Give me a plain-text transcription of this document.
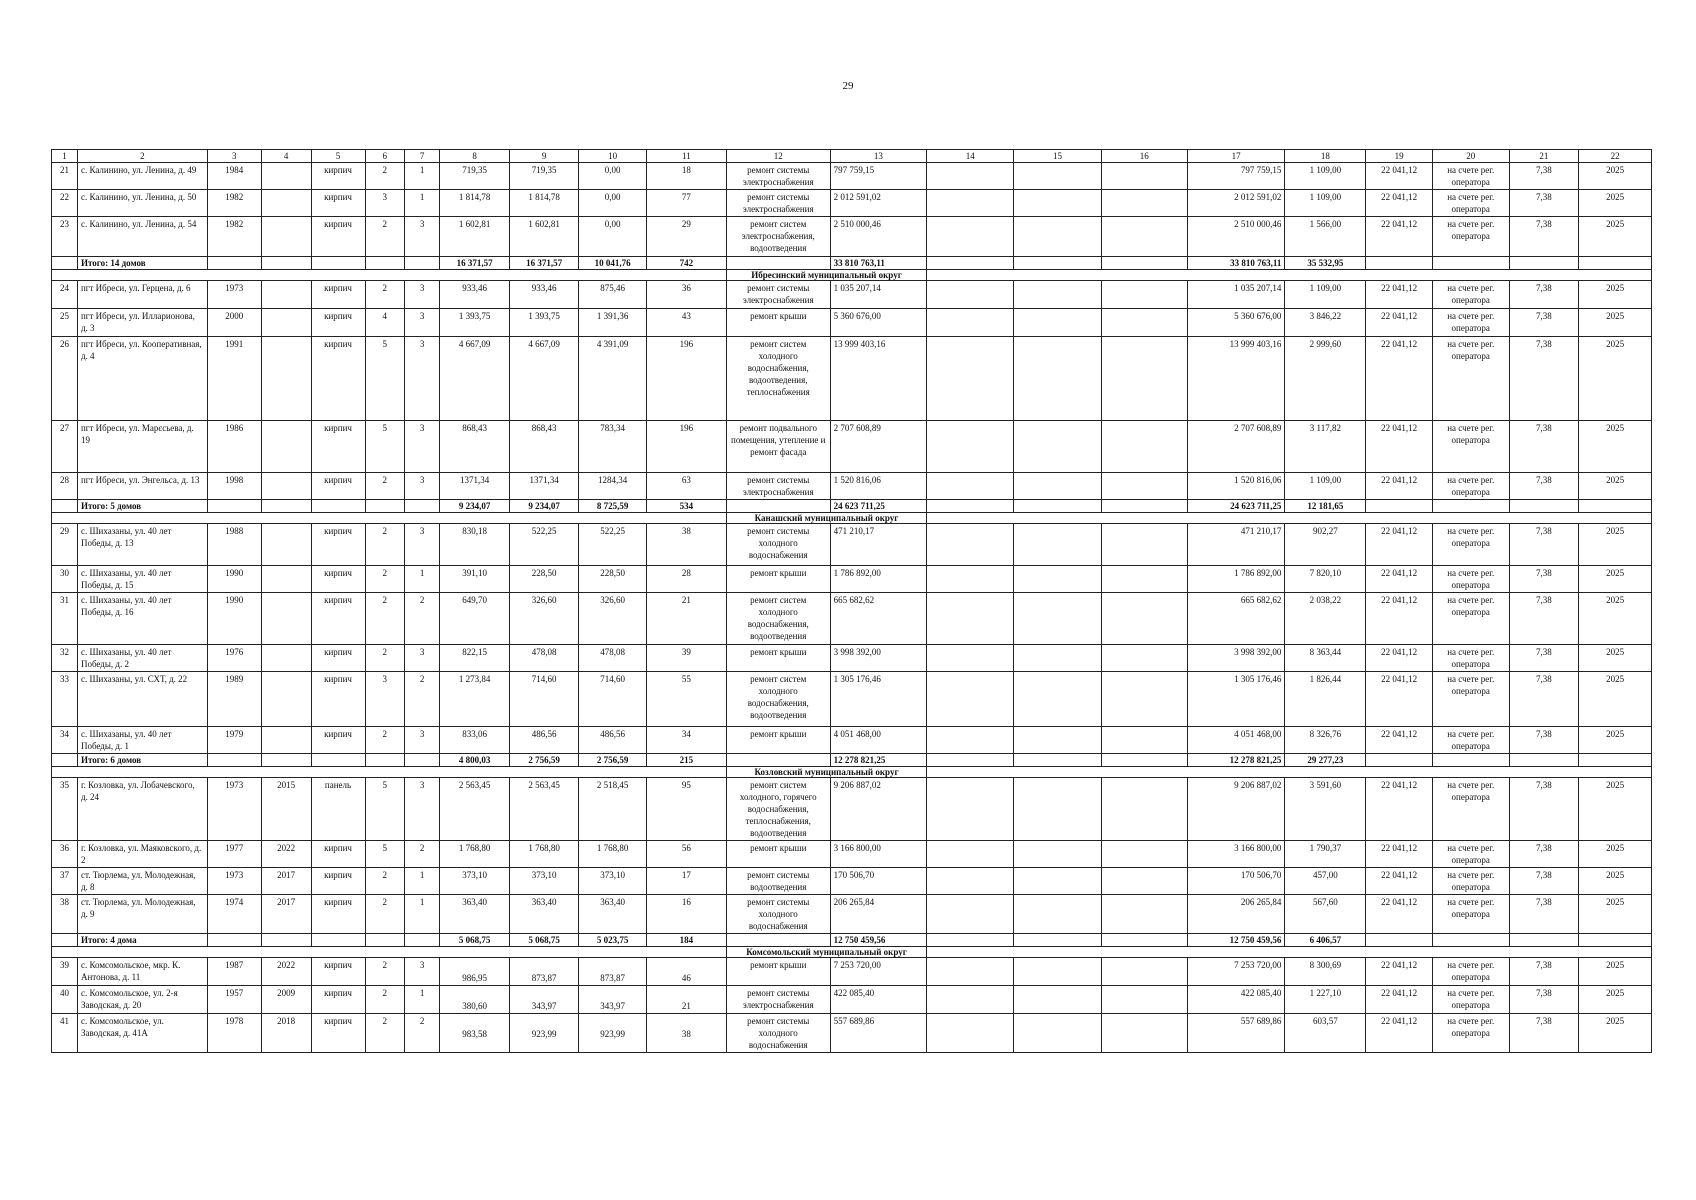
29
1	2	3	4	5	6	7	8	9	10	11	12	13	14	15	16	17	18	19	20	21	22
21	с. Калинино, ул. Ленина, д. 49	1984		кирпич	2	1	719,35	719,35	0,00	18	ремонт системы электроснабжения	797 759,15				797 759,15	1 109,00	22 041,12	на счете рег. оператора	7,38	2025
22	с. Калинино, ул. Ленина, д. 50	1982		кирпич	3	1	1 814,78	1 814,78	0,00	77	ремонт системы электроснабжения	2 012 591,02				2 012 591,02	1 109,00	22 041,12	на счете рег. оператора	7,38	2025
23	с. Калинино, ул. Ленина, д. 54	1982		кирпич	2	3	1 602,81	1 602,81	0,00	29	ремонт систем электроснабжения, водоотведения	2 510 000,46				2 510 000,46	1 566,00	22 041,12	на счете рег. оператора	7,38	2025
	Итого: 14 домов						16 371,57	16 371,57	10 041,76	742		33 810 763,11				33 810 763,11	35 532,95				
											Ибресинский муниципальный округ										
24	пгт Ибреси, ул. Герцена, д. 6	1973		кирпич	2	3	933,46	933,46	875,46	36	ремонт системы электроснабжения	1 035 207,14				1 035 207,14	1 109,00	22 041,12	на счете рег. оператора	7,38	2025
25	пгт Ибреси, ул. Илларионова, д. 3	2000		кирпич	4	3	1 393,75	1 393,75	1 391,36	43	ремонт крыши	5 360 676,00				5 360 676,00	3 846,22	22 041,12	на счете рег. оператора	7,38	2025
26	пгт Ибреси, ул. Кооперативная, д. 4	1991		кирпич	5	3	4 667,09	4 667,09	4 391,09	196	ремонт систем холодного водоснабжения, водоотведения, теплоснабжения	13 999 403,16				13 999 403,16	2 999,60	22 041,12	на счете рег. оператора	7,38	2025
27	пгт Ибреси, ул. Марєсьева, д. 19	1986		кирпич	5	3	868,43	868,43	783,34	196	ремонт подвального помещения, утепление и ремонт фасада	2 707 608,89				2 707 608,89	3 117,82	22 041,12	на счете рег. оператора	7,38	2025
28	пгт Ибреси, ул. Энгельса, д. 13	1998		кирпич	2	3	1371,34	1371,34	1284,34	63	ремонт системы электроснабжения	1 520 816,06				1 520 816,06	1 109,00	22 041,12	на счете рег. оператора	7,38	2025
	Итого: 5 домов						9 234,07	9 234,07	8 725,59	534		24 623 711,25				24 623 711,25	12 181,65				
											Канашский муниципальный округ										
29	с. Шихазаны, ул. 40 лет Победы, д. 13	1988		кирпич	2	3	830,18	522,25	522,25	38	ремонт системы холодного водоснабжения	471 210,17				471 210,17	902,27	22 041,12	на счете рег. оператора	7,38	2025
30	с. Шихазаны, ул. 40 лет Победы, д. 15	1990		кирпич	2	1	391,10	228,50	228,50	28	ремонт крыши	1 786 892,00				1 786 892,00	7 820,10	22 041,12	на счете рег. оператора	7,38	2025
31	с. Шихазаны, ул. 40 лет Победы, д. 16	1990		кирпич	2	2	649,70	326,60	326,60	21	ремонт систем холодного водоснабжения, водоотведения	665 682,62				665 682,62	2 038,22	22 041,12	на счете рег. оператора	7,38	2025
32	с. Шихазаны, ул. 40 лет Победы, д. 2	1976		кирпич	2	3	822,15	478,08	478,08	39	ремонт крыши	3 998 392,00				3 998 392,00	8 363,44	22 041,12	на счете рег. оператора	7,38	2025
33	с. Шихазаны, ул. СХТ, д. 22	1989		кирпич	3	2	1 273,84	714,60	714,60	55	ремонт систем холодного водоснабжения, водоотведения	1 305 176,46				1 305 176,46	1 826,44	22 041,12	на счете рег. оператора	7,38	2025
34	с. Шихазаны, ул. 40 лет Победы, д. 1	1979		кирпич	2	3	833,06	486,56	486,56	34	ремонт крыши	4 051 468,00				4 051 468,00	8 326,76	22 041,12	на счете рег. оператора	7,38	2025
	Итого: 6 домов						4 800,03	2 756,59	2 756,59	215		12 278 821,25				12 278 821,25	29 277,23				
											Козловский муниципальный округ										
35	г. Козловка, ул. Лобачевского, д. 24	1973	2015	панель	5	3	2 563,45	2 563,45	2 518,45	95	ремонт систем холодного, горячего водоснабжения, теплоснабжения, водоотведения	9 206 887,02				9 206 887,02	3 591,60	22 041,12	на счете рег. оператора	7,38	2025
36	г. Козловка, ул. Маяковского, д. 2	1977	2022	кирпич	5	2	1 768,80	1 768,80	1 768,80	56	ремонт крыши	3 166 800,00				3 166 800,00	1 790,37	22 041,12	на счете рег. оператора	7,38	2025
37	ст. Тюрлема, ул. Молодежная, д. 8	1973	2017	кирпич	2	1	373,10	373,10	373,10	17	ремонт системы водоотведения	170 506,70				170 506,70	457,00	22 041,12	на счете рег. оператора	7,38	2025
38	ст. Тюрлема, ул. Молодежная, д. 9	1974	2017	кирпич	2	1	363,40	363,40	363,40	16	ремонт системы холодного водоснабжения	206 265,84				206 265,84	567,60	22 041,12	на счете рег. оператора	7,38	2025
	Итого: 4 дома						5 068,75	5 068,75	5 023,75	184		12 750 459,56				12 750 459,56	6 406,57				
											Комсомольский муниципальный округ										
39	с. Комсомольское, мкр. К. Антонова, д. 11	1987	2022	кирпич	2	3	986,95	873,87	873,87	46	ремонт крыши	7 253 720,00				7 253 720,00	8 300,69	22 041,12	на счете рег. оператора	7,38	2025
40	с. Комсомольское, ул. 2-я Заводская, д. 20	1957	2009	кирпич	2	1	380,60	343,97	343,97	21	ремонт системы электроснабжения	422 085,40				422 085,40	1 227,10	22 041,12	на счете рег. оператора	7,38	2025
41	с. Комсомольское, ул. Заводская, д. 41А	1978	2018	кирпич	2	2	983,58	923,99	923,99	38	ремонт системы холодного водоснабжения	557 689,86				557 689,86	603,57	22 041,12	на счете рег. оператора	7,38	2025
